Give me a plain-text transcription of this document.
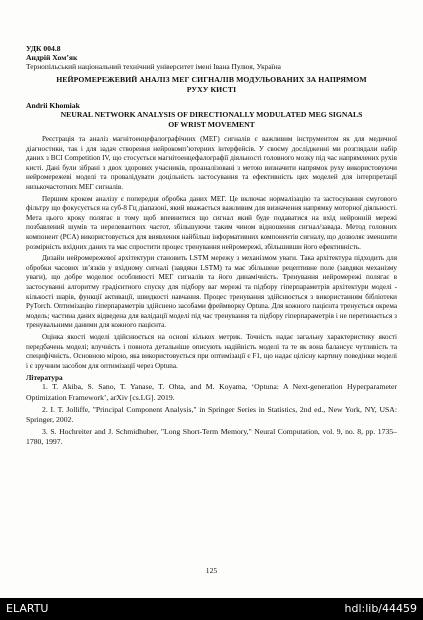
УДК 004.8
Андрій Хом’як
Тернопільський національний технічний університет імені Івана Пулюя, Україна
НЕЙРОМЕРЕЖЕВИЙ АНАЛІЗ МЕГ СИГНАЛІВ МОДУЛЬОВАНИХ ЗА НАПРЯМОМ РУХУ КИСТІ
Andrii Khomiak
NEURAL NETWORK ANALYSIS OF DIRECTIONALLY MODULATED MEG SIGNALS OF WRIST MOVEMENT

Реєстрація та аналіз магнітоенцефалографічних (МЕГ) сигналів є важливим інструментом як для медичної діагностики, так і для задач створення нейрокомп’ютерних інтерфейсів. У своєму дослідженні ми розглядали набір даних з BCI Competition IV, що стосується магнітоенцефалографії діяльності головного мозку під час напрямлених рухів кисті. Дані були зібрані з двох здорових учасників, проаналізовані з метою визначити напрямок руху використовуючи нейромережеві моделі та провалідувати доцільність застосування та ефективність цих моделей для інтерпретації низькочастотних МЕГ сигналів.

Першим кроком аналізу є попередня обробка даних МЕГ. Це включає нормалізацію та застосування смугового фільтру що фокусується на суб-8 Гц діапазоні, який вважається важливим для визначення напрямку моторної діяльності. Мета цього кроку полягає в тому щоб впевнитися що сигнал який буде подаватися на вхід нейронній мережі позбавлений шумів та нерелевантних частот, збільшуючи таким чином відношення сигнал/завада. Метод головних компонент (PCA) використовується для виявлення найбільш інформативних компонентів сигналу, що дозволяє зменшити розмірність вхідних даних та має спростити процес тренування нейромережі, збільшивши його ефективність.

Дизайн нейромережевої архітектури становить LSTM мережу з механізмом уваги. Така архітектура підходить для обробки часових зв’язків у вхідному сигналі (завдяки LSTM) та має збільшене рецептивне поле (завдяки механізму уваги), що добре моделює особливості МЕГ сигналів та його динамічність. Тренування нейромережі полягає в застосуванні алгоритму градієнтного спуску для підбору ваг мережі та підбору гіперпараметрів архітектури моделі - кількості шарів, функції активації, швидкості навчання. Процес тренування здійснюється з використанням бібліотеки PyTorch. Оптимізацію гіперпараметрів здійснено засобами фреймворку Optuna. Для кожного пацієнта тренується окрема модель; частина даних відведена для валідації моделі під час тренування та підбору гіперпараметрів і не перетинається з тренувальними даними для кожного пацієнта.

Оцінка якості моделі здійснюється на основі кількох метрик. Точність надає загальну характеристику якості передбачень моделі; влучність і повнота детальніше описують надійність моделі та те як вона балансує чутливість та специфічність. Основною мірою, яка використовується при оптимізації є F1, що надає цілісну картину поведінки моделі і є зручним засобом для оптимізації через Optuna.

Література

1. T. Akiba, S. Sano, T. Yanase, T. Ohta, and M. Koyama, ‘Optuna: A Next-generation Hyperparameter Optimization Framework’, arXiv [cs.LG]. 2019.

2. I. T. Jolliffe, "Principal Component Analysis," in Springer Series in Statistics, 2nd ed., New York, NY, USA: Springer, 2002.

3. S. Hochreiter and J. Schmidhuber, "Long Short-Term Memory," Neural Computation, vol. 9, no. 8, pp. 1735–1780, 1997.

125
ELARTU	hdl:lib/44459
